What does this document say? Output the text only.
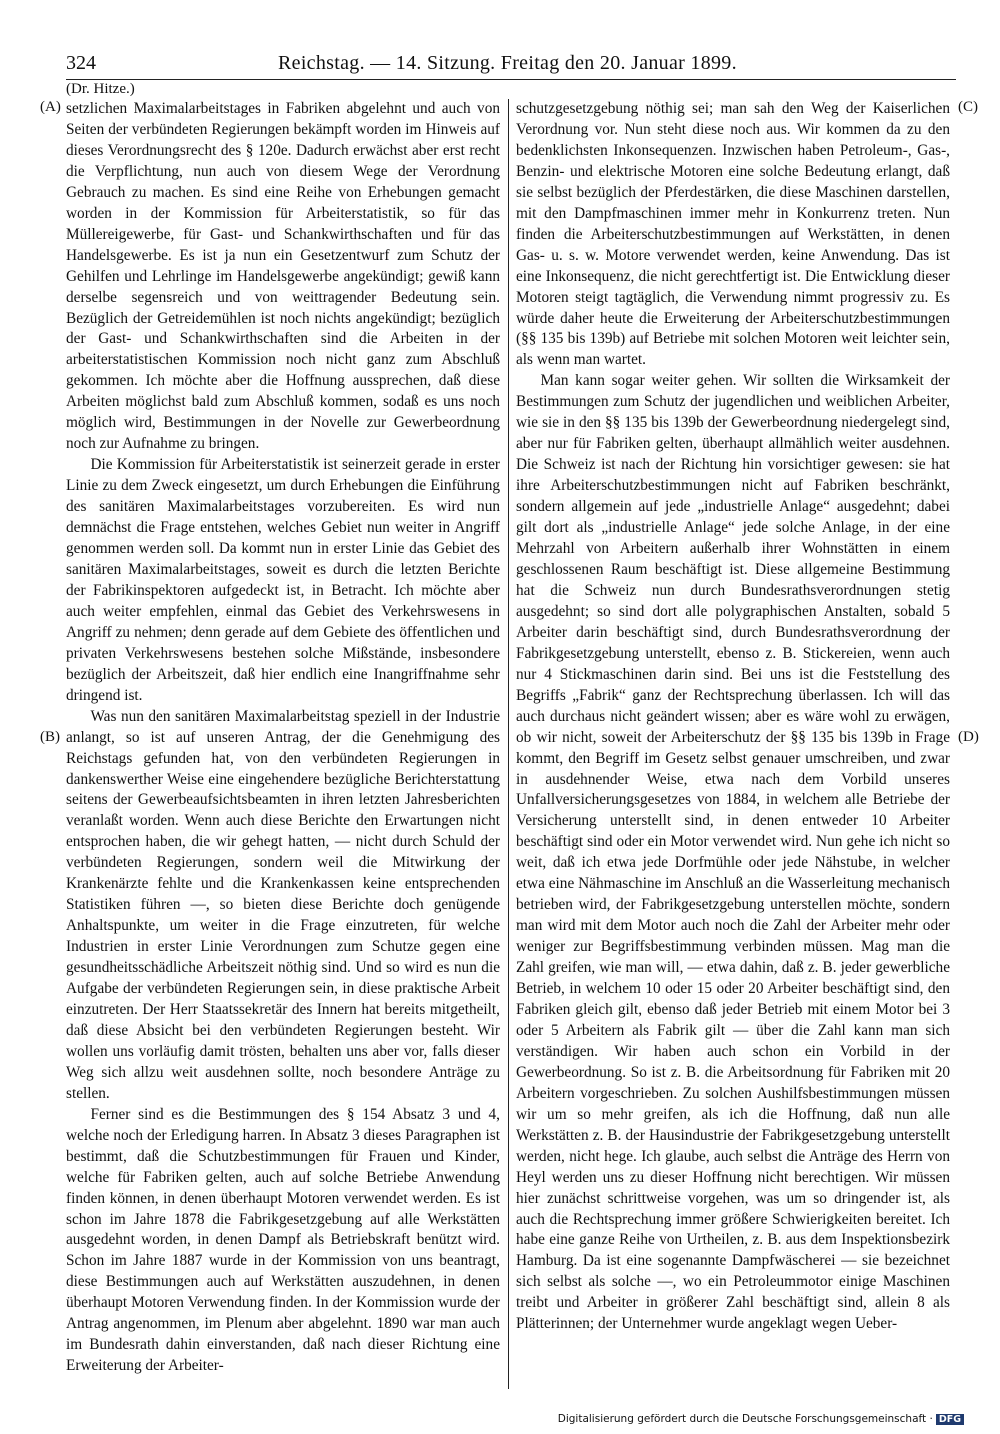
324	Reichstag. — 14. Sitzung. Freitag den 20. Januar 1899.
(Dr. Hitze.)
(A)
(B)
(C)
(D)

setzlichen Maximalarbeitstages in Fabriken abgelehnt und auch von Seiten der verbündeten Regierungen bekämpft worden im Hinweis auf dieses Verordnungsrecht des § 120e. Dadurch erwächst aber erst recht die Verpflichtung, nun auch von diesem Wege der Verordnung Gebrauch zu machen. Es sind eine Reihe von Erhebungen gemacht worden in der Kommission für Arbeiterstatistik, so für das Müllereigewerbe, für Gast- und Schankwirthschaften und für das Handelsgewerbe. Es ist ja nun ein Gesetzentwurf zum Schutz der Gehilfen und Lehrlinge im Handelsgewerbe angekündigt; gewiß kann derselbe segensreich und von weittragender Bedeutung sein. Bezüglich der Getreidemühlen ist noch nichts angekündigt; bezüglich der Gast- und Schankwirthschaften sind die Arbeiten in der arbeiterstatistischen Kommission noch nicht ganz zum Abschluß gekommen. Ich möchte aber die Hoffnung aussprechen, daß diese Arbeiten möglichst bald zum Abschluß kommen, sodaß es uns noch möglich wird, Bestimmungen in der Novelle zur Gewerbeordnung noch zur Aufnahme zu bringen.

Die Kommission für Arbeiterstatistik ist seinerzeit gerade in erster Linie zu dem Zweck eingesetzt, um durch Erhebungen die Einführung des sanitären Maximalarbeitstages vorzubereiten. Es wird nun demnächst die Frage entstehen, welches Gebiet nun weiter in Angriff genommen werden soll. Da kommt nun in erster Linie das Gebiet des sanitären Maximalarbeitstages, soweit es durch die letzten Berichte der Fabrikinspektoren aufgedeckt ist, in Betracht. Ich möchte aber auch weiter empfehlen, einmal das Gebiet des Verkehrswesens in Angriff zu nehmen; denn gerade auf dem Gebiete des öffentlichen und privaten Verkehrswesens bestehen solche Mißstände, insbesondere bezüglich der Arbeitszeit, daß hier endlich eine Inangriffnahme sehr dringend ist.

Was nun den sanitären Maximalarbeitstag speziell in der Industrie anlangt, so ist auf unseren Antrag, der die Genehmigung des Reichstags gefunden hat, von den verbündeten Regierungen in dankenswerther Weise eine eingehendere bezügliche Berichterstattung seitens der Gewerbeaufsichtsbeamten in ihren letzten Jahresberichten veranlaßt worden. Wenn auch diese Berichte den Erwartungen nicht entsprochen haben, die wir gehegt hatten, — nicht durch Schuld der verbündeten Regierungen, sondern weil die Mitwirkung der Krankenärzte fehlte und die Krankenkassen keine entsprechenden Statistiken führen —, so bieten diese Berichte doch genügende Anhaltspunkte, um weiter in die Frage einzutreten, für welche Industrien in erster Linie Verordnungen zum Schutze gegen eine gesundheitsschädliche Arbeitszeit nöthig sind. Und so wird es nun die Aufgabe der verbündeten Regierungen sein, in diese praktische Arbeit einzutreten. Der Herr Staatssekretär des Innern hat bereits mitgetheilt, daß diese Absicht bei den verbündeten Regierungen besteht. Wir wollen uns vorläufig damit trösten, behalten uns aber vor, falls dieser Weg sich allzu weit ausdehnen sollte, noch besondere Anträge zu stellen.

Ferner sind es die Bestimmungen des § 154 Absatz 3 und 4, welche noch der Erledigung harren. In Absatz 3 dieses Paragraphen ist bestimmt, daß die Schutzbestimmungen für Frauen und Kinder, welche für Fabriken gelten, auch auf solche Betriebe Anwendung finden können, in denen überhaupt Motoren verwendet werden. Es ist schon im Jahre 1878 die Fabrikgesetzgebung auf alle Werkstätten ausgedehnt worden, in denen Dampf als Betriebskraft benützt wird. Schon im Jahre 1887 wurde in der Kommission von uns beantragt, diese Bestimmungen auch auf Werkstätten auszudehnen, in denen überhaupt Motoren Verwendung finden. In der Kommission wurde der Antrag angenommen, im Plenum aber abgelehnt. 1890 war man auch im Bundesrath dahin einverstanden, daß nach dieser Richtung eine Erweiterung der Arbeiter-

schutzgesetzgebung nöthig sei; man sah den Weg der Kaiserlichen Verordnung vor. Nun steht diese noch aus. Wir kommen da zu den bedenklichsten Inkonsequenzen. Inzwischen haben Petroleum-, Gas-, Benzin- und elektrische Motoren eine solche Bedeutung erlangt, daß sie selbst bezüglich der Pferdestärken, die diese Maschinen darstellen, mit den Dampfmaschinen immer mehr in Konkurrenz treten. Nun finden die Arbeiterschutzbestimmungen auf Werkstätten, in denen Gas- u. s. w. Motore verwendet werden, keine Anwendung. Das ist eine Inkonsequenz, die nicht gerechtfertigt ist. Die Entwicklung dieser Motoren steigt tagtäglich, die Verwendung nimmt progressiv zu. Es würde daher heute die Erweiterung der Arbeiterschutzbestimmungen (§§ 135 bis 139b) auf Betriebe mit solchen Motoren weit leichter sein, als wenn man wartet.

Man kann sogar weiter gehen. Wir sollten die Wirksamkeit der Bestimmungen zum Schutz der jugendlichen und weiblichen Arbeiter, wie sie in den §§ 135 bis 139b der Gewerbeordnung niedergelegt sind, aber nur für Fabriken gelten, überhaupt allmählich weiter ausdehnen. Die Schweiz ist nach der Richtung hin vorsichtiger gewesen: sie hat ihre Arbeiterschutzbestimmungen nicht auf Fabriken beschränkt, sondern allgemein auf jede „industrielle Anlage“ ausgedehnt; dabei gilt dort als „industrielle Anlage“ jede solche Anlage, in der eine Mehrzahl von Arbeitern außerhalb ihrer Wohnstätten in einem geschlossenen Raum beschäftigt ist. Diese allgemeine Bestimmung hat die Schweiz nun durch Bundesrathsverordnungen stetig ausgedehnt; so sind dort alle polygraphischen Anstalten, sobald 5 Arbeiter darin beschäftigt sind, durch Bundesrathsverordnung der Fabrikgesetzgebung unterstellt, ebenso z. B. Stickereien, wenn auch nur 4 Stickmaschinen darin sind. Bei uns ist die Feststellung des Begriffs „Fabrik“ ganz der Rechtsprechung überlassen. Ich will das auch durchaus nicht geändert wissen; aber es wäre wohl zu erwägen, ob wir nicht, soweit der Arbeiterschutz der §§ 135 bis 139b in Frage kommt, den Begriff im Gesetz selbst genauer umschreiben, und zwar in ausdehnender Weise, etwa nach dem Vorbild unseres Unfallversicherungsgesetzes von 1884, in welchem alle Betriebe der Versicherung unterstellt sind, in denen entweder 10 Arbeiter beschäftigt sind oder ein Motor verwendet wird. Nun gehe ich nicht so weit, daß ich etwa jede Dorfmühle oder jede Nähstube, in welcher etwa eine Nähmaschine im Anschluß an die Wasserleitung mechanisch betrieben wird, der Fabrikgesetzgebung unterstellen möchte, sondern man wird mit dem Motor auch noch die Zahl der Arbeiter mehr oder weniger zur Begriffsbestimmung verbinden müssen. Mag man die Zahl greifen, wie man will, — etwa dahin, daß z. B. jeder gewerbliche Betrieb, in welchem 10 oder 15 oder 20 Arbeiter beschäftigt sind, den Fabriken gleich gilt, ebenso daß jeder Betrieb mit einem Motor bei 3 oder 5 Arbeitern als Fabrik gilt — über die Zahl kann man sich verständigen. Wir haben auch schon ein Vorbild in der Gewerbeordnung. So ist z. B. die Arbeitsordnung für Fabriken mit 20 Arbeitern vorgeschrieben. Zu solchen Aushilfsbestimmungen müssen wir um so mehr greifen, als ich die Hoffnung, daß nun alle Werkstätten z. B. der Hausindustrie der Fabrikgesetzgebung unterstellt werden, nicht hege. Ich glaube, auch selbst die Anträge des Herrn von Heyl werden uns zu dieser Hoffnung nicht berechtigen. Wir müssen hier zunächst schrittweise vorgehen, was um so dringender ist, als auch die Rechtsprechung immer größere Schwierigkeiten bereitet. Ich habe eine ganze Reihe von Urtheilen, z. B. aus dem Inspektionsbezirk Hamburg. Da ist eine sogenannte Dampfwäscherei — sie bezeichnet sich selbst als solche —, wo ein Petroleummotor einige Maschinen treibt und Arbeiter in größerer Zahl beschäftigt sind, allein 8 als Plätterinnen; der Unternehmer wurde angeklagt wegen Ueber-

Digitalisierung gefördert durch die Deutsche Forschungsgemeinschaft · DFG
